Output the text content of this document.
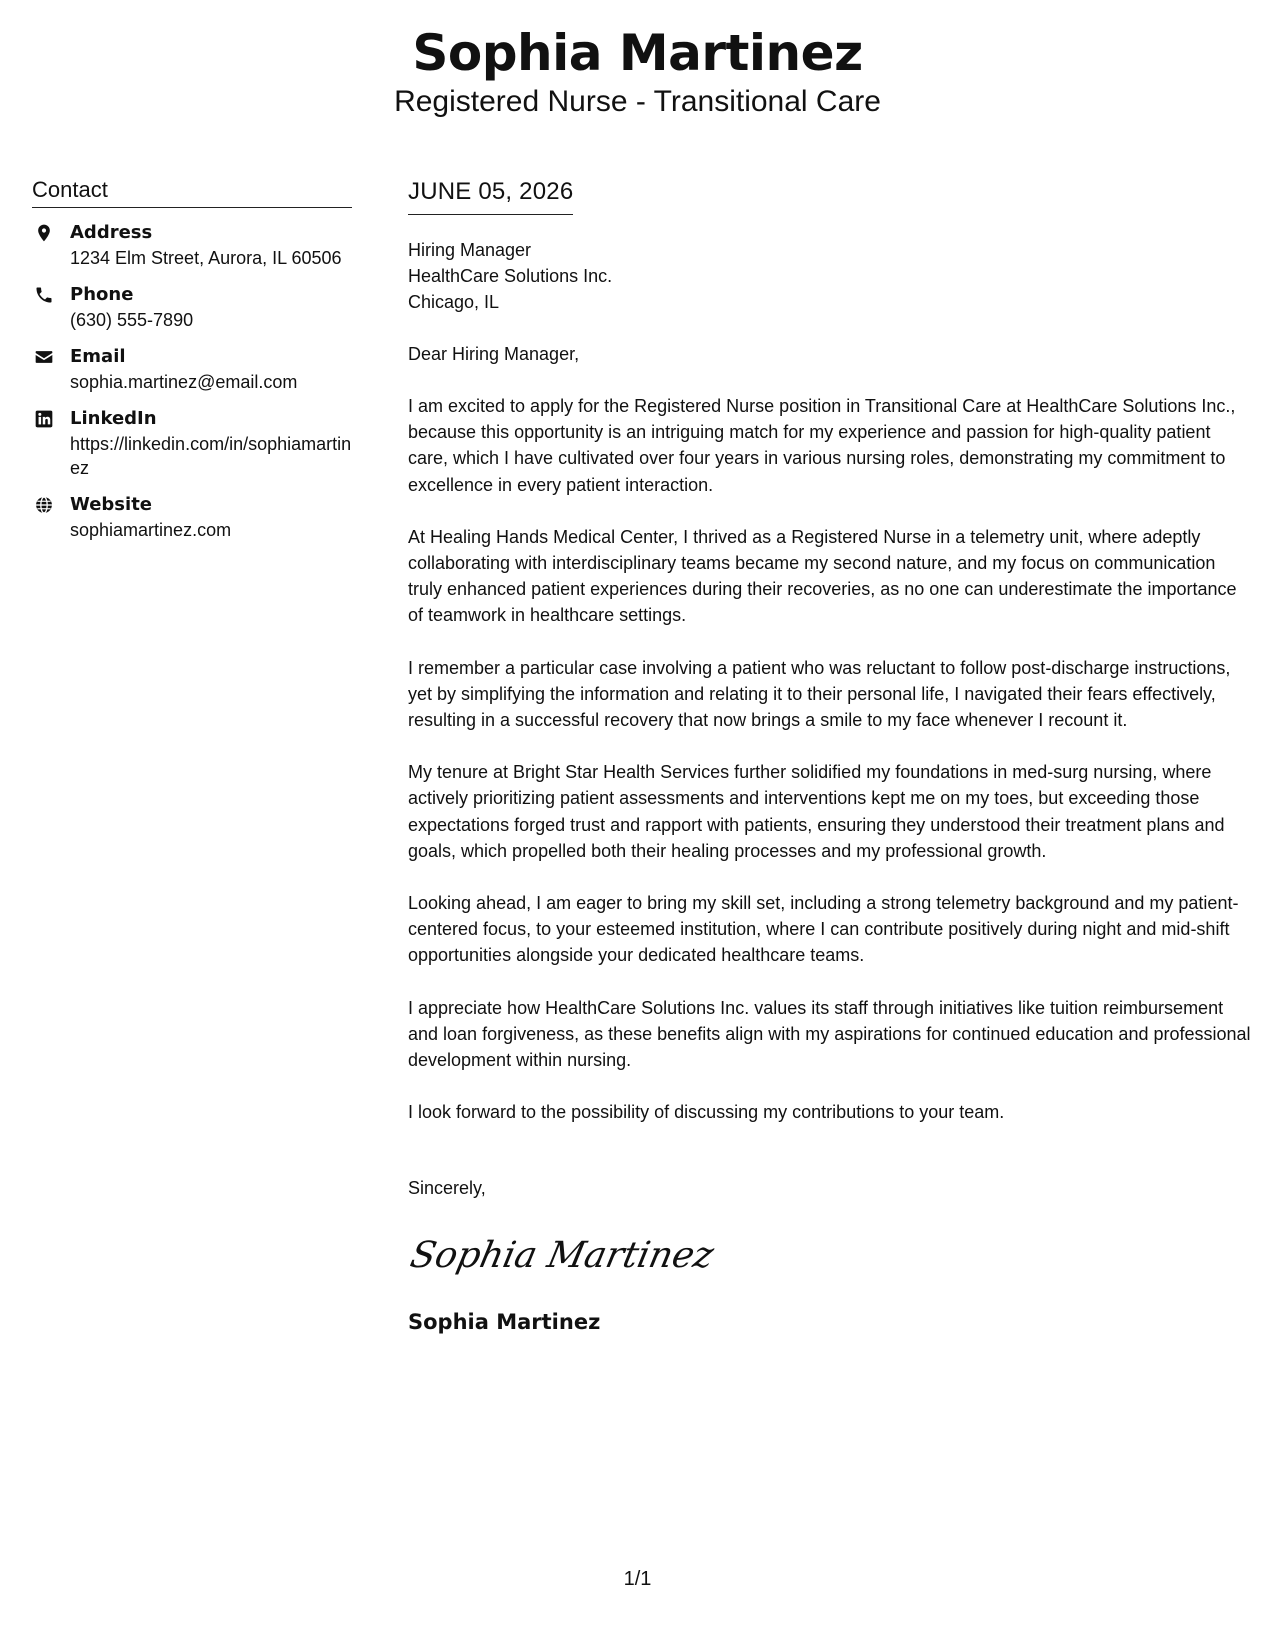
Sophia Martinez
Registered Nurse - Transitional Care
Contact
Address
1234 Elm Street, Aurora, IL 60506
Phone
(630) 555-7890
Email
sophia.martinez@email.com
LinkedIn
https://linkedin.com/in/sophiamartinez
Website
sophiamartinez.com
JUNE 05, 2026
Hiring Manager
HealthCare Solutions Inc.
Chicago, IL
Dear Hiring Manager,

I am excited to apply for the Registered Nurse position in Transitional Care at HealthCare Solutions Inc., because this opportunity is an intriguing match for my experience and passion for high-quality patient care, which I have cultivated over four years in various nursing roles, demonstrating my commitment to excellence in every patient interaction.

At Healing Hands Medical Center, I thrived as a Registered Nurse in a telemetry unit, where adeptly collaborating with interdisciplinary teams became my second nature, and my focus on communication truly enhanced patient experiences during their recoveries, as no one can underestimate the importance of teamwork in healthcare settings.

I remember a particular case involving a patient who was reluctant to follow post-discharge instructions, yet by simplifying the information and relating it to their personal life, I navigated their fears effectively, resulting in a successful recovery that now brings a smile to my face whenever I recount it.

My tenure at Bright Star Health Services further solidified my foundations in med-surg nursing, where actively prioritizing patient assessments and interventions kept me on my toes, but exceeding those expectations forged trust and rapport with patients, ensuring they understood their treatment plans and goals, which propelled both their healing processes and my professional growth.

Looking ahead, I am eager to bring my skill set, including a strong telemetry background and my patient-centered focus, to your esteemed institution, where I can contribute positively during night and mid-shift opportunities alongside your dedicated healthcare teams.

I appreciate how HealthCare Solutions Inc. values its staff through initiatives like tuition reimbursement and loan forgiveness, as these benefits align with my aspirations for continued education and professional development within nursing.

I look forward to the possibility of discussing my contributions to your team.

Sincerely,
Sophia Martinez
Sophia Martinez
1/1
